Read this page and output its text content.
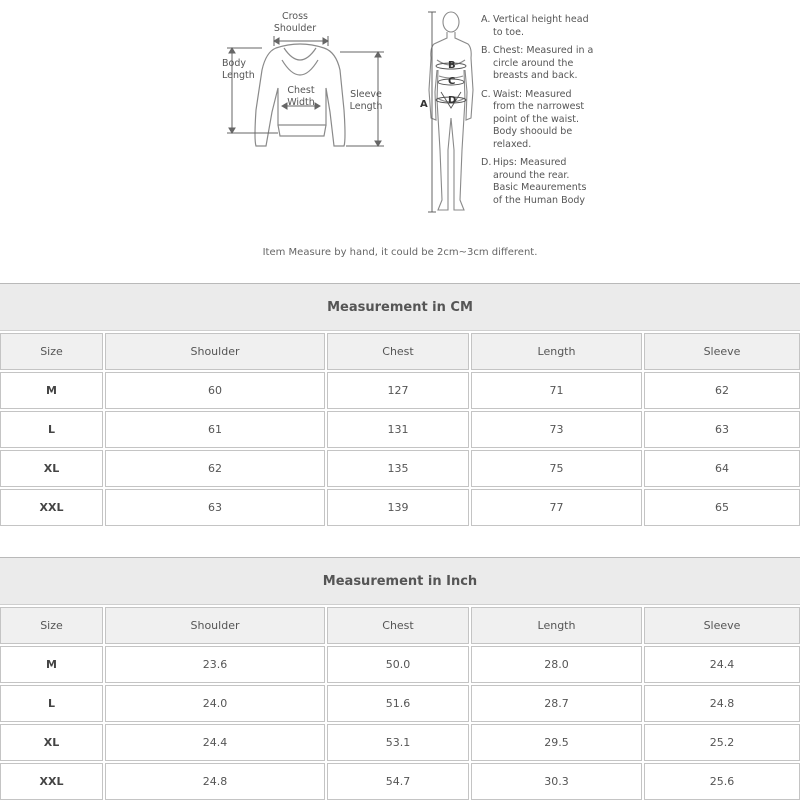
Cross
Shoulder
Body
Length
Chest
Width
Sleeve
Length	A
B
C
D
A. Vertical height head
to toe.
B. Chest: Measured in a
circle around the
breasts and back.
C. Waist: Measured
from the narrowest
point of the waist.
Body shoould be
relaxed.
D. Hips: Measured
around the rear.
Basic Meaurements
of the Human Body
Item Measure by hand, it could be 2cm~3cm different.
Measurement in CM
Size	Shoulder	Chest	Length	Sleeve
M	60	127	71	62
L	61	131	73	63
XL	62	135	75	64
XXL	63	139	77	65
Measurement in Inch
Size	Shoulder	Chest	Length	Sleeve
M	23.6	50.0	28.0	24.4
L	24.0	51.6	28.7	24.8
XL	24.4	53.1	29.5	25.2
XXL	24.8	54.7	30.3	25.6
